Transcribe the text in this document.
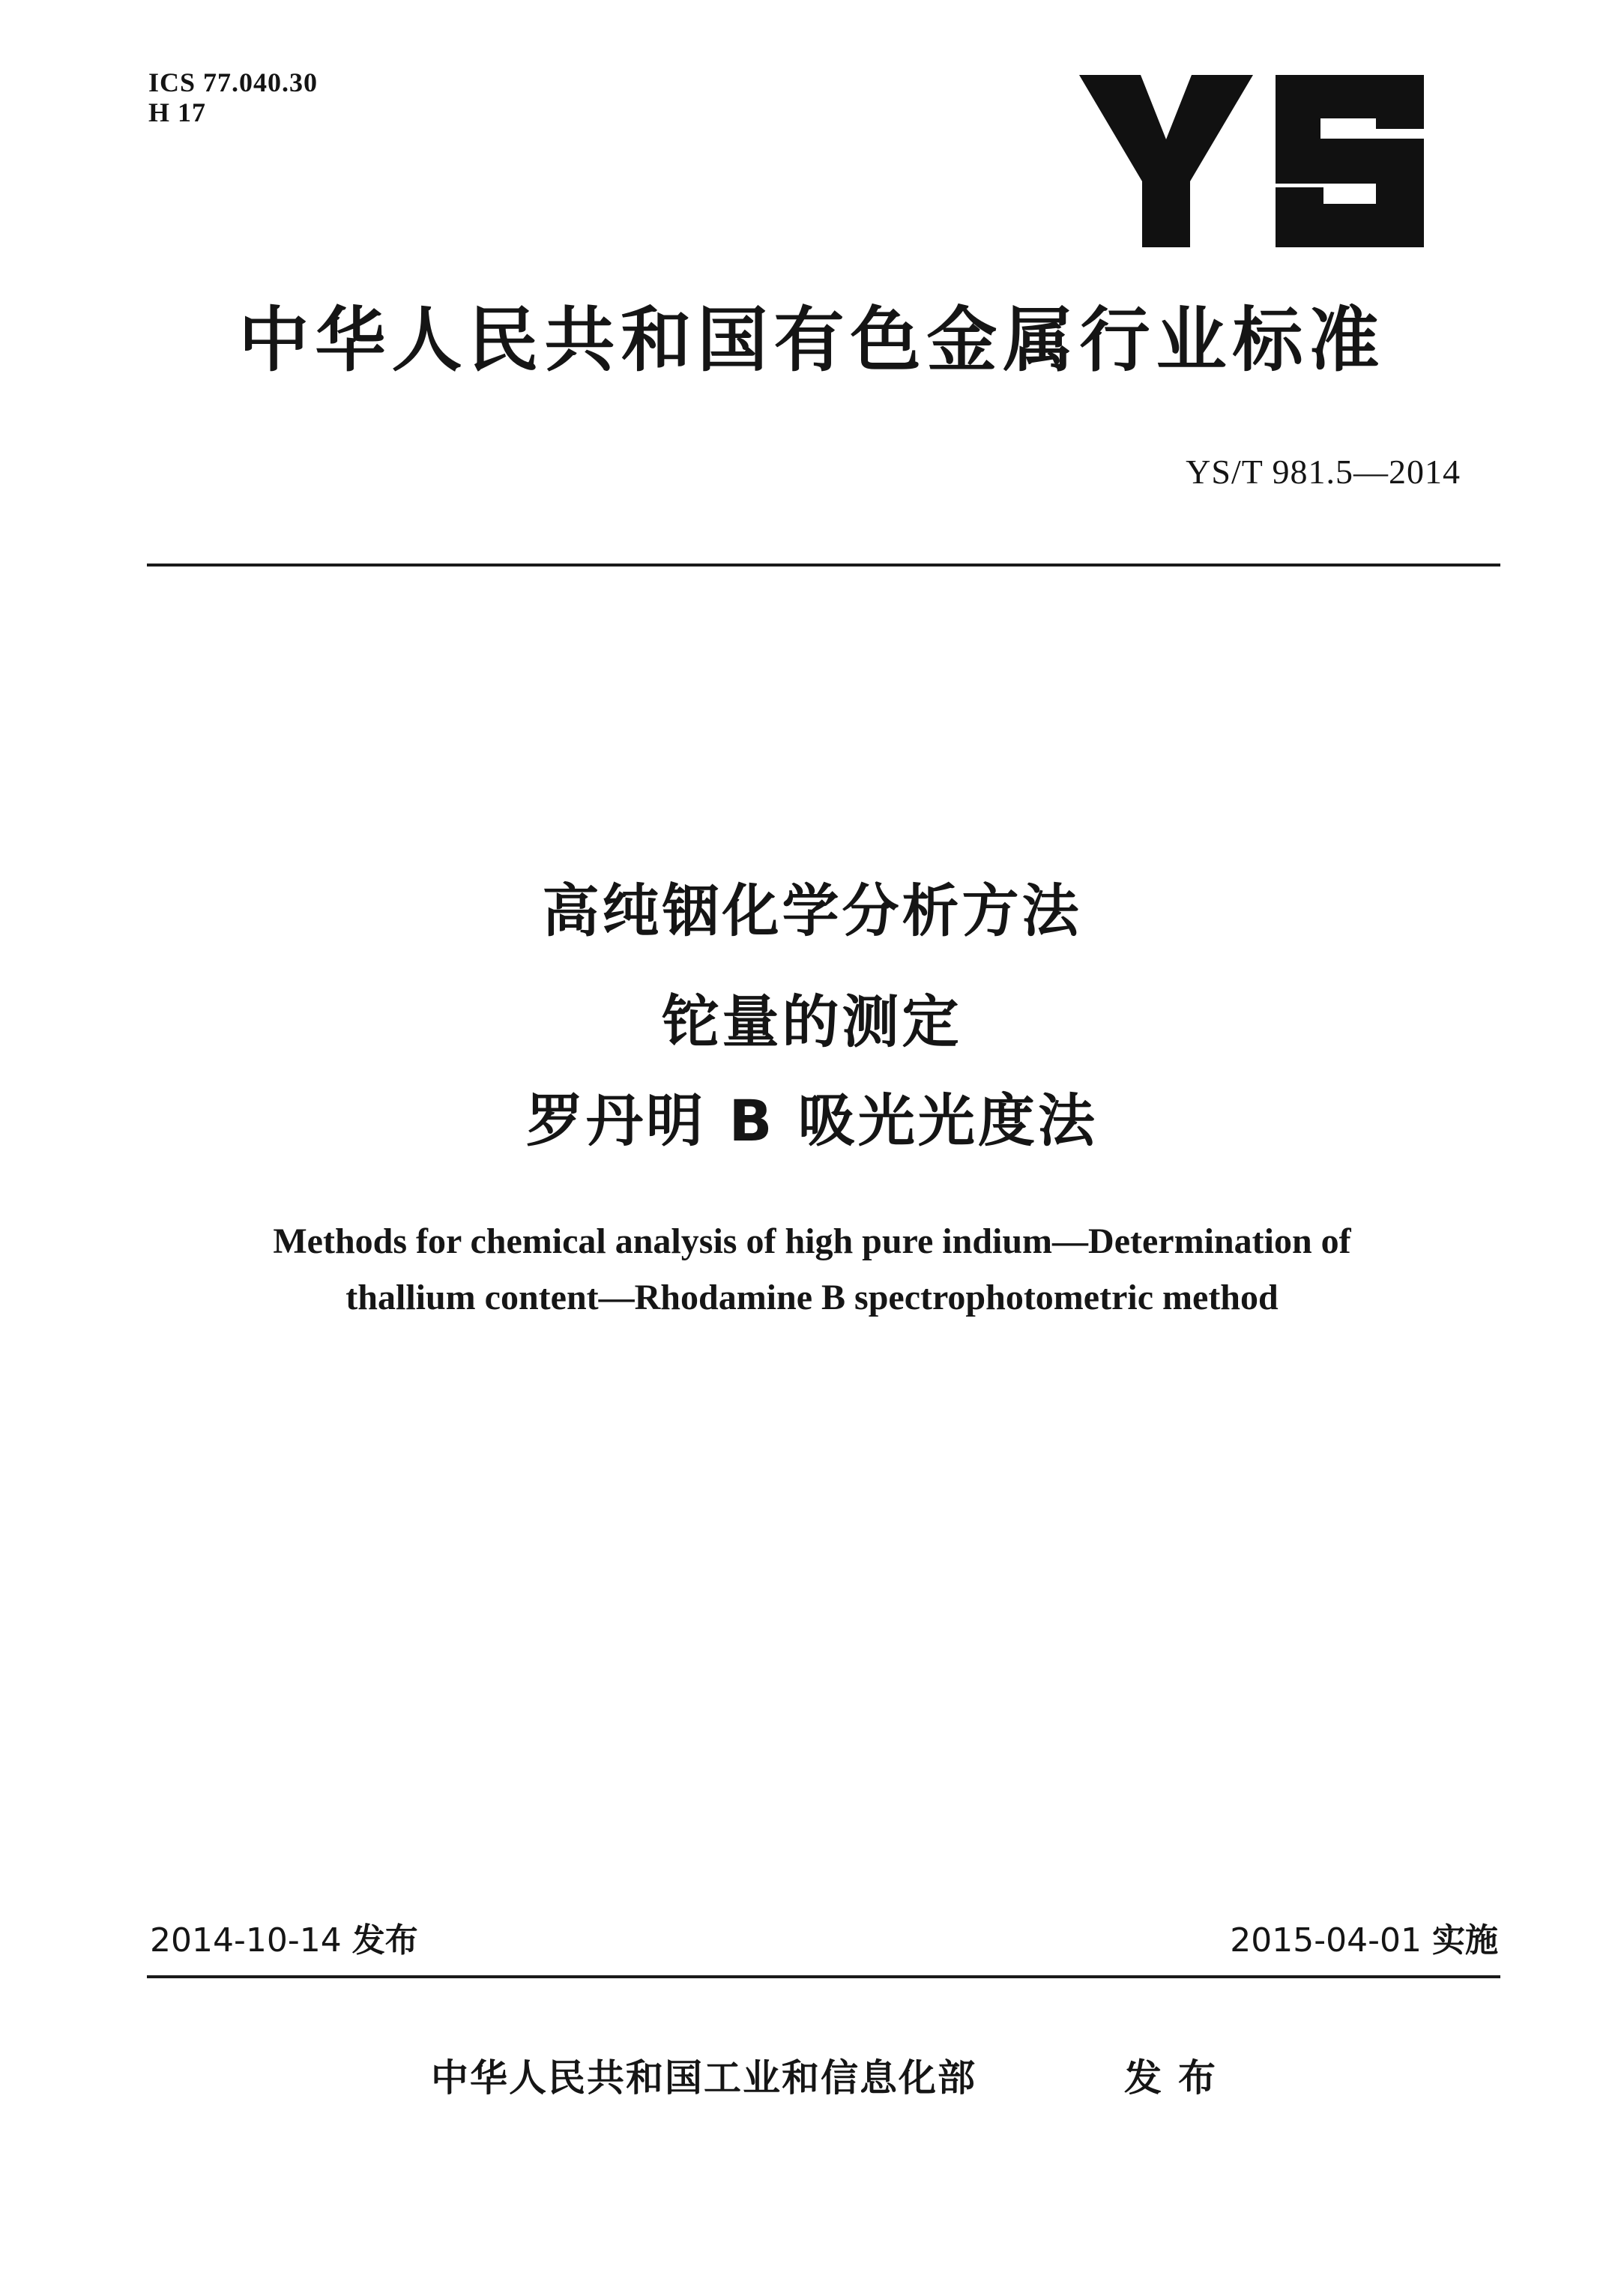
ICS 77.040.30
H 17
中华人民共和国有色金属行业标准
YS/T 981.5—2014
高纯铟化学分析方法
铊量的测定
罗丹明 B 吸光光度法
Methods for chemical analysis of high pure indium—Determination of
thallium content—Rhodamine B spectrophotometric method
2014-10-14 发布	2015-04-01 实施
中华人民共和国工业和信息化部	发布
